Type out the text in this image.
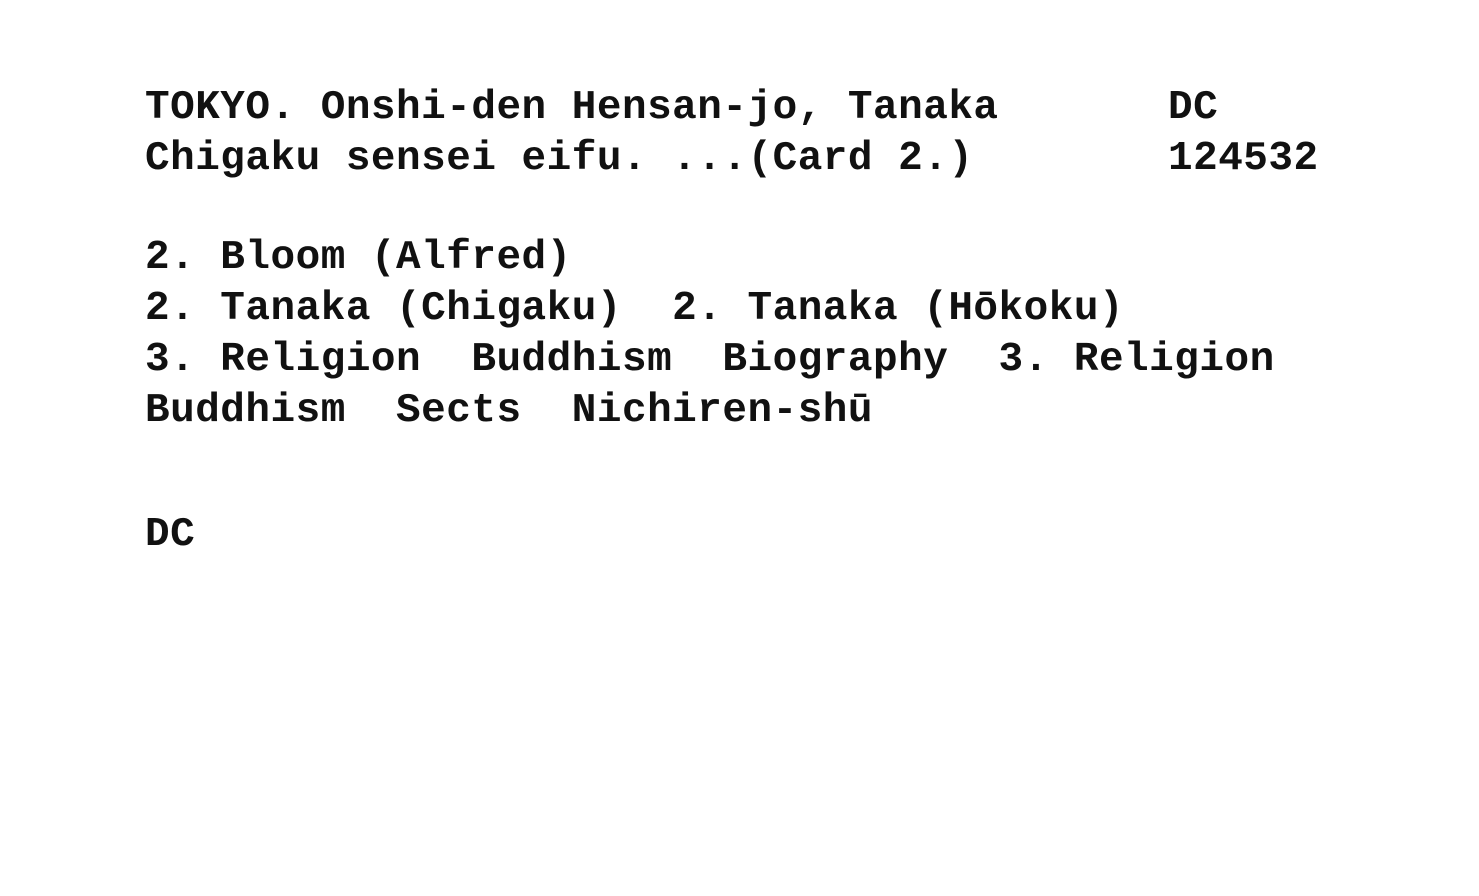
TOKYO. Onshi-den Hensan-jo, Tanaka
Chigaku sensei eifu. ...(Card 2.)
DC
124532
2. Bloom (Alfred)
2. Tanaka (Chigaku)  2. Tanaka (Hōkoku)
3. Religion  Buddhism  Biography  3. Religion
Buddhism  Sects  Nichiren-shū
DC
